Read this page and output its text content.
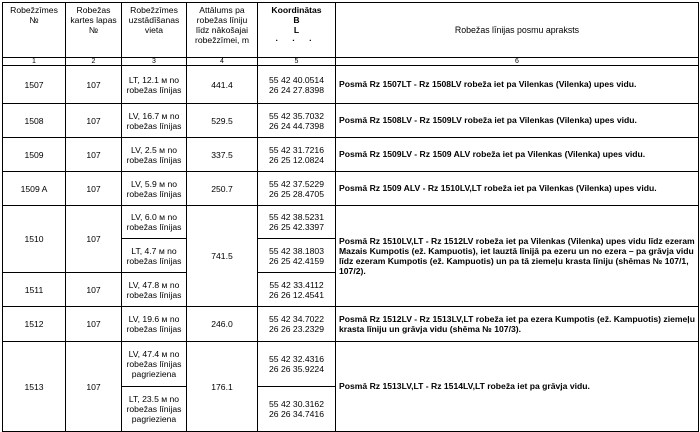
Robežzīmes №	Robežas kartes lapas №	Robežzīmes uzstādīšanas vieta	Attālums pa robežas līniju līdz nākošajai robežzīmei, m	Koordinātas
B
L
. . .	Robežas līnijas posmu apraksts
1	2	3	4	5	6
1507	107	LT, 12.1 м no robežas līnijas	441.4	55 42 40.0514
26 24 27.8398	Posmā Rz 1507LT - Rz 1508LV robeža iet pa Vilenkas (Vilenka) upes vidu.
1508	107	LV, 16.7 м no robežas līnijas	529.5	55 42 35.7032
26 24 44.7398	Posmā Rz 1508LV - Rz 1509LV robeža iet pa Vilenkas (Vilenka) upes vidu.
1509	107	LV, 2.5 м no robežas līnijas	337.5	55 42 31.7216
26 25 12.0824	Posmā Rz 1509LV - Rz 1509 ALV robeža iet pa Vilenkas (Vilenka) upes vidu.
1509 A	107	LV, 5.9 м no robežas līnijas	250.7	55 42 37.5229
26 25 28.4705	Posmā Rz 1509 ALV - Rz 1510LV,LT robeža iet pa Vilenkas (Vilenka) upes vidu.
1510	107	LV, 6.0 м no robežas līnijas	741.5	55 42 38.5231
26 25 42.3397	Posmā Rz 1510LV,LT - Rz 1512LV robeža iet pa Vilenkas (Vilenka) upes vidu līdz ezeram Mazais Kumpotis (ež. Kampuotis), iet lauztā līnijā pa ezeru un no ezera – pa grāvja vidu līdz ezeram Kumpotis (ež. Kampuotis) un pa tā ziemeļu krasta līniju (shēmas № 107/1, 107/2).
		LT, 4.7 м no robežas līnijas		55 42 38.1803
26 25 42.4159	

1511	107	LV, 47.8 м no robežas līnijas		55 42 33.4112
26 26 12.4541	

1512	107	LV, 19.6 м no robežas līnijas	246.0	55 42 34.7022
26 26 23.2329	Posmā Rz 1512LV - Rz 1513LV,LT robeža iet pa ezera Kumpotis (ež. Kampuotis) ziemeļu krasta līniju un grāvja vidu (shēma № 107/3).
1513	107	LV, 47.4 м no robežas līnijas pagrieziena	176.1	55 42 32.4316
26 26 35.9224	Posmā Rz 1513LV,LT - Rz 1514LV,LT robeža iet pa grāvja vidu.
		LT, 23.5 м no robežas līnijas pagrieziena		55 42 30.3162
26 26 34.7416	
